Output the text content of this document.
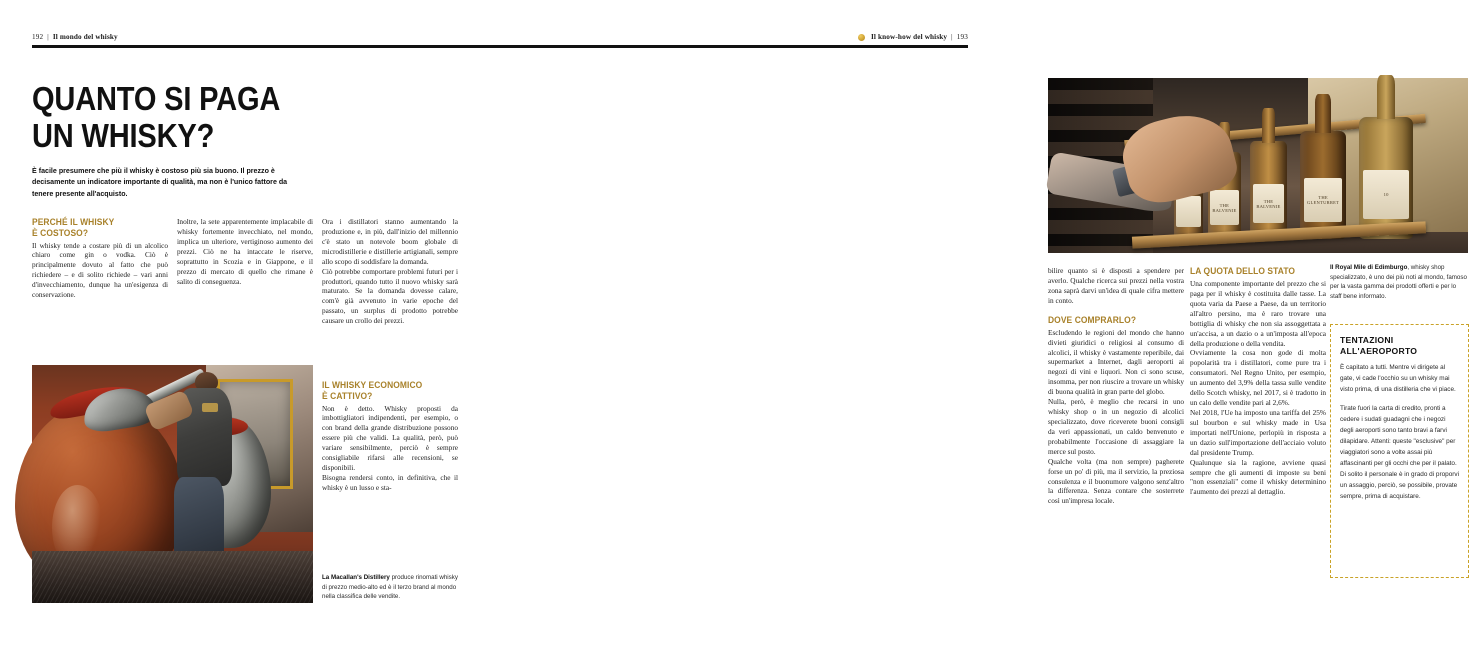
192 | Il mondo del whisky
QUANTO SI PAGA
UN WHISKY?
È facile presumere che più il whisky è costoso più sia buono. Il prezzo è decisamente un indicatore importante di qualità, ma non è l'unico fattore da tenere presente all'acquisto.
PERCHÉ IL WHISKY
È COSTOSO?

Il whisky tende a costare più di un alcolico chiaro come gin o vodka. Ciò è principalmente dovuto al fatto che può richiedere – e di solito richiede – vari anni d'invecchiamento, dunque ha un'esigenza di conservazione.

Inoltre, la sete apparentemente implacabile di whisky fortemente invecchiato, nel mondo, implica un ulteriore, vertiginoso aumento dei prezzi. Ciò ne ha intaccate le riserve, soprattutto in Scozia e in Giappone, e il prezzo di mercato di quello che rimane è salito di conseguenza.

Ora i distillatori stanno aumentando la produzione e, in più, dall'inizio del millennio c'è stato un notevole boom globale di microdistillerie e distillerie artigianali, sempre allo scopo di soddisfare la domanda.

Ciò potrebbe comportare problemi futuri per i produttori, quando tutto il nuovo whisky sarà maturato. Se la domanda dovesse calare, com'è già avvenuto in varie epoche del passato, un surplus di prodotto potrebbe causare un crollo dei prezzi.

IL WHISKY ECONOMICO
È CATTIVO?

Non è detto. Whisky proposti da imbottigliatori indipendenti, per esempio, o con brand della grande distribuzione possono essere più che validi. La qualità, però, può variare sensibilmente, perciò è sempre consigliabile rifarsi alle recensioni, se disponibili.

Bisogna rendersi conto, in definitiva, che il whisky è un lusso e sta-

La Macallan's Distillery produce rinomati whisky di prezzo medio-alto ed è il terzo brand al mondo nella classifica delle vendite.
Il know-how del whisky | 193
THE BALVENIE
THE BALVENIE
THE GLENTURRET
10

bilire quanto si è disposti a spendere per averlo. Qualche ricerca sui prezzi nella vostra zona saprà darvi un'idea di quale cifra mettere in conto.

DOVE COMPRARLO?

Escludendo le regioni del mondo che hanno divieti giuridici o religiosi al consumo di alcolici, il whisky è vastamente reperibile, dai supermarket a Internet, dagli aeroporti ai negozi di vini e liquori. Non ci sono scuse, insomma, per non riuscire a trovare un whisky di buona qualità in gran parte del globo.

Nulla, però, è meglio che recarsi in uno whisky shop o in un negozio di alcolici specializzato, dove riceverete buoni consigli da veri appassionati, un caldo benvenuto e probabilmente l'occasione di assaggiare la merce sul posto.

Qualche volta (ma non sempre) pagherete forse un po' di più, ma il servizio, la preziosa consulenza e il buonumore valgono senz'altro la differenza. Senza contare che sosterrete così un'impresa locale.

LA QUOTA DELLO STATO

Una componente importante del prezzo che si paga per il whisky è costituita dalle tasse. La quota varia da Paese a Paese, da un territorio all'altro persino, ma è raro trovare una bottiglia di whisky che non sia assoggettata a un'accisa, a un dazio o a un'imposta all'epoca della produzione o della vendita.

Ovviamente la cosa non gode di molta popolarità tra i distillatori, come pure tra i consumatori. Nel Regno Unito, per esempio, un aumento del 3,9% della tassa sulle vendite dello Scotch whisky, nel 2017, si è tradotto in un calo delle vendite pari al 2,6%.

Nel 2018, l'Ue ha imposto una tariffa del 25% sul bourbon e sul whisky made in Usa importati nell'Unione, perlopiù in risposta a un dazio sull'importazione dell'acciaio voluto dal presidente Trump.

Qualunque sia la ragione, avviene quasi sempre che gli aumenti di imposte su beni "non essenziali" come il whisky determinino l'aumento dei prezzi al dettaglio.

Il Royal Mile di Edimburgo, whisky shop specializzato, è uno dei più noti al mondo, famoso per la vasta gamma dei prodotti offerti e per lo staff bene informato.
TENTAZIONI
ALL'AEROPORTO

È capitato a tutti. Mentre vi dirigete al gate, vi cade l'occhio su un whisky mai visto prima, di una distilleria che vi piace.

Tirate fuori la carta di credito, pronti a cedere i sudati guadagni che i negozi degli aeroporti sono tanto bravi a farvi dilapidare. Attenti: queste "esclusive" per viaggiatori sono a volte assai più affascinanti per gli occhi che per il palato. Di solito il personale è in grado di proporvi un assaggio, perciò, se possibile, provate sempre, prima di acquistare.
